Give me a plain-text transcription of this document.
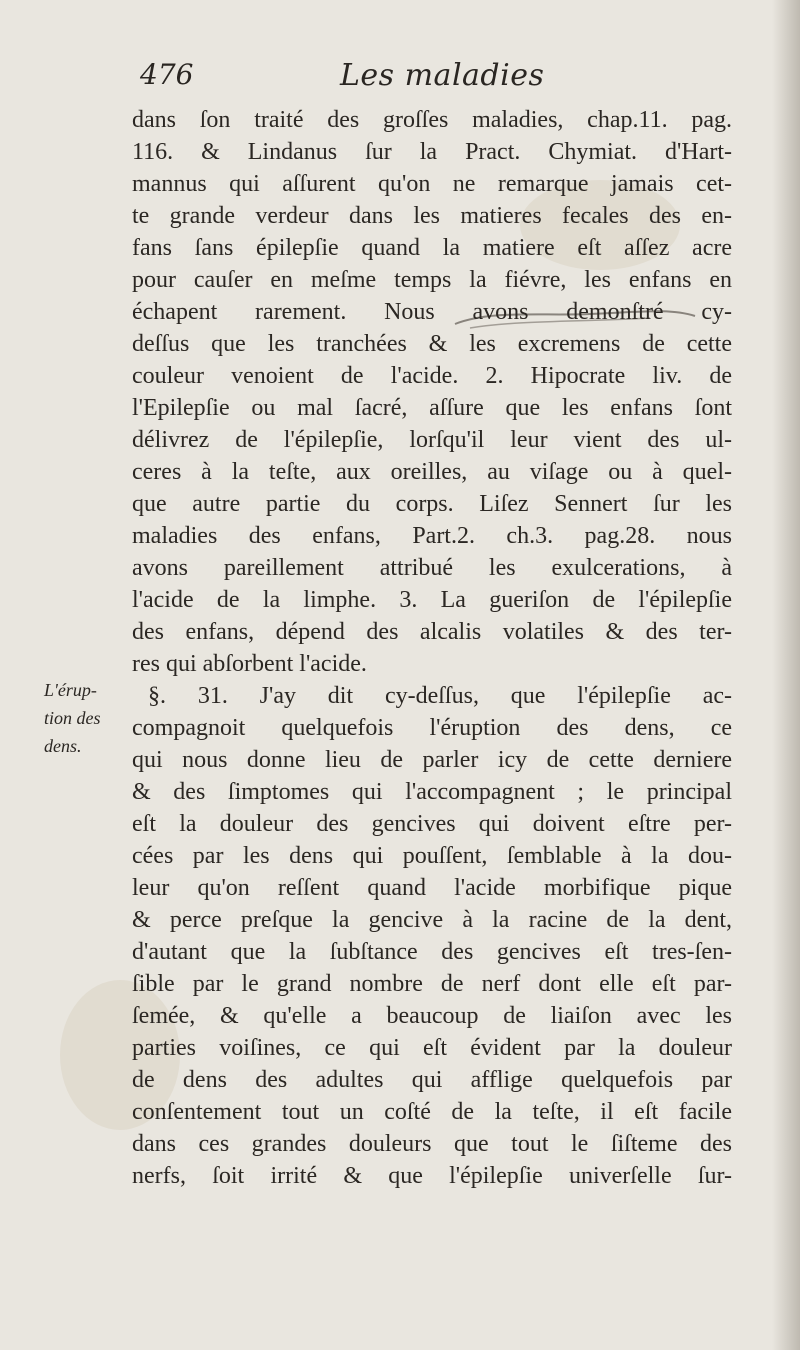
476	Les maladies
L'érup-
tion des
dens.
dans ſon traité des groſſes maladies, chap.11. pag.
116. & Lindanus ſur la Pract. Chymiat. d'Hart-
mannus qui aſſurent qu'on ne remarque jamais cet-
te grande verdeur dans les matieres fecales des en-
fans ſans épilepſie quand la matiere eſt aſſez acre
pour cauſer en meſme temps la fiévre, les enfans en
échapent rarement. Nous avons demonſtré cy-
deſſus que les tranchées & les excremens de cette
couleur venoient de l'acide. 2. Hipocrate liv. de
l'Epilepſie ou mal ſacré, aſſure que les enfans ſont
délivrez de l'épilepſie, lorſqu'il leur vient des ul-
ceres à la teſte, aux oreilles, au viſage ou à quel-
que autre partie du corps. Liſez Sennert ſur les
maladies des enfans, Part.2. ch.3. pag.28. nous
avons pareillement attribué les exulcerations, à
l'acide de la limphe. 3. La gueriſon de l'épilepſie
des enfans, dépend des alcalis volatiles & des ter-
res qui abſorbent l'acide.
§. 31. J'ay dit cy-deſſus, que l'épilepſie ac-
compagnoit quelquefois l'éruption des dens, ce
qui nous donne lieu de parler icy de cette derniere
& des ſimptomes qui l'accompagnent ; le principal
eſt la douleur des gencives qui doivent eſtre per-
cées par les dens qui pouſſent, ſemblable à la dou-
leur qu'on reſſent quand l'acide morbifique pique
& perce preſque la gencive à la racine de la dent,
d'autant que la ſubſtance des gencives eſt tres-ſen-
ſible par le grand nombre de nerf dont elle eſt par-
ſemée, & qu'elle a beaucoup de liaiſon avec les
parties voiſines, ce qui eſt évident par la douleur
de dens des adultes qui afflige quelquefois par
conſentement tout un coſté de la teſte, il eſt facile
dans ces grandes douleurs que tout le ſiſteme des
nerfs, ſoit irrité & que l'épilepſie univerſelle ſur-
